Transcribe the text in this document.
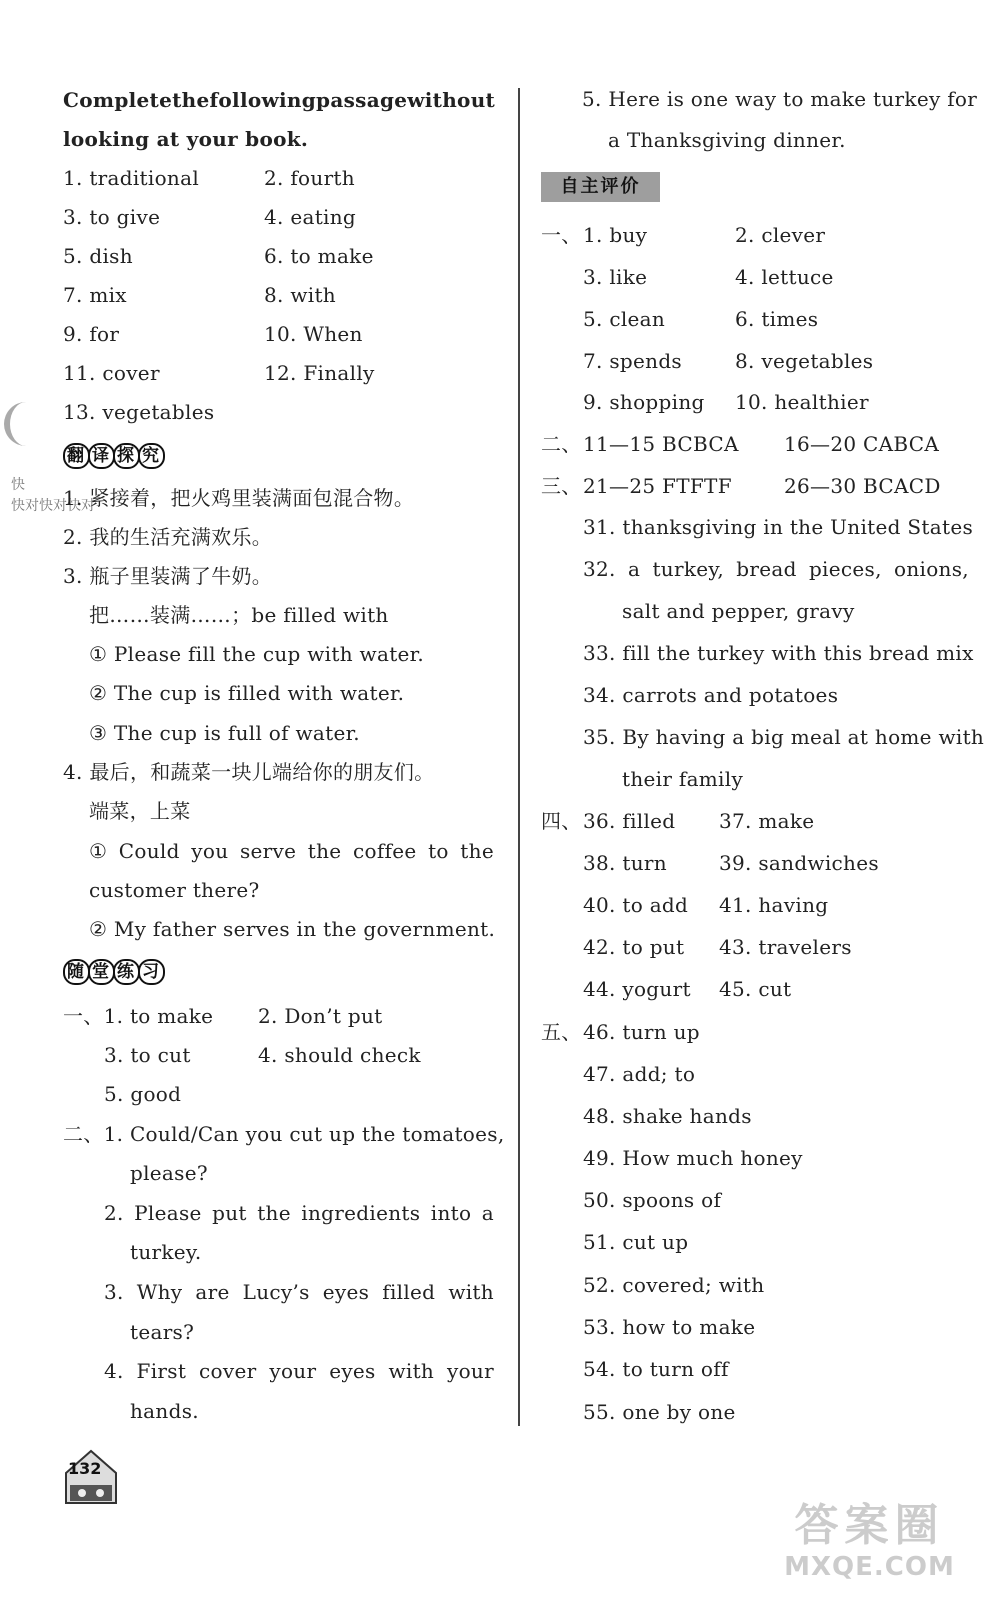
Complete the following passage without
looking at your book.
1. traditional	2. fourth
3. to give	4. eating
5. dish	6. to make
7. mix	8. with
9. for	10. When
11. cover	12. Finally
13. vegetables
快
快对快对快对
翻 译 探 究
1. 紧接着，把火鸡里装满面包混合物。
2. 我的生活充满欢乐。
3. 瓶子里装满了牛奶。
把……装满……；be filled with
① Please fill the cup with water.
② The cup is filled with water.
③ The cup is full of water.
4. 最后，和蔬菜一块儿端给你的朋友们。
端菜，上菜
① Could you serve the coffee to the
customer there?
② My father serves in the government.
随 堂 练 习
一、1. to make 2. Don’t put
3. to cut	4. should check
5. good
二、1. Could/Can you cut up the tomatoes,
please?
2. Please put the ingredients into a
turkey.
3. Why are Lucy’s eyes filled with
tears?
4. First cover your eyes with your
hands.
132
5. Here is one way to make turkey for
a Thanksgiving dinner.
自主评价
一、 1. buy	2. clever
3. like	4. lettuce
5. clean	6. times
7. spends	8. vegetables
9. shopping 10. healthier
二、 11—15 BCBCA 16—20 CABCA
三、 21—25 FTFTF	26—30 BCACD
31. thanksgiving in the United States
32. a turkey, bread pieces, onions,
salt and pepper, gravy
33. fill the turkey with this bread mix
34. carrots and potatoes
35. By having a big meal at home with
their family
四、 36. filled 37. make
38. turn	39. sandwiches
40. to add 41. having
42. to put 43. travelers
44. yogurt 45. cut
五、 46. turn up
47. add; to
48. shake hands
49. How much honey
50. spoons of
51. cut up
52. covered; with
53. how to make
54. to turn off
55. one by one
答案圈
MXQE.COM
